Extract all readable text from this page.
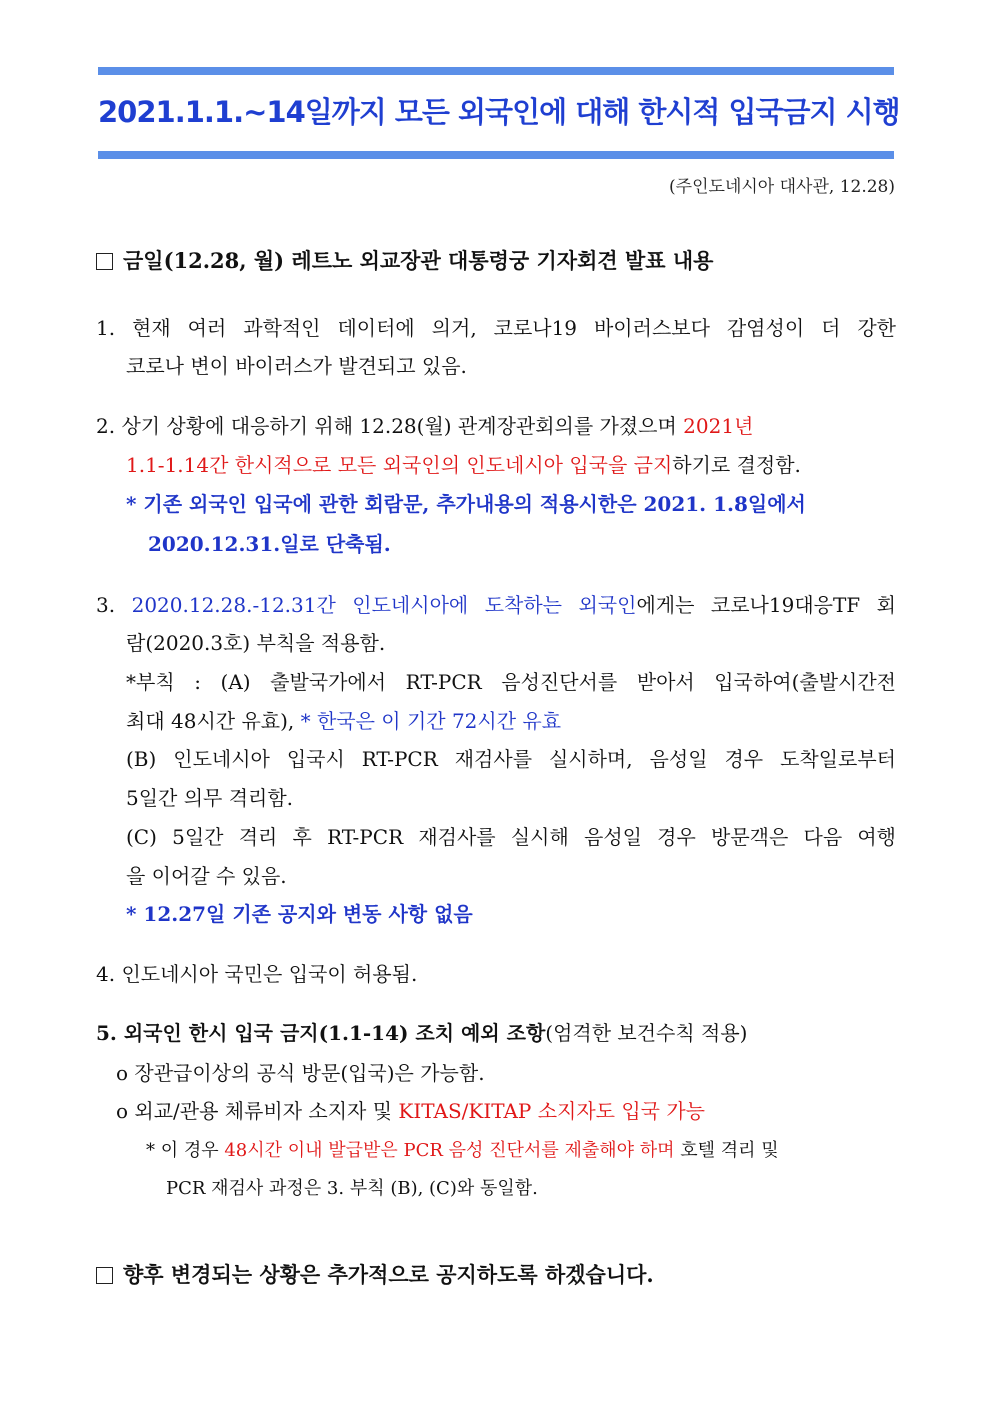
2021.1.1.~14일까지 모든 외국인에 대해 한시적 입국금지 시행
(주인도네시아 대사관, 12.28)
금일(12.28, 월) 레트노 외교장관 대통령궁 기자회견 발표 내용
1. 현재 여러 과학적인 데이터에 의거, 코로나19 바이러스보다 감염성이 더 강한
코로나 변이 바이러스가 발견되고 있음.
2. 상기 상황에 대응하기 위해 12.28(월) 관계장관회의를 가졌으며 2021년
1.1-1.14간 한시적으로 모든 외국인의 인도네시아 입국을 금지하기로 결정함.
* 기존 외국인 입국에 관한 회람문, 추가내용의 적용시한은 2021. 1.8일에서
2020.12.31.일로 단축됨.
3. 2020.12.28.-12.31간 인도네시아에 도착하는 외국인에게는 코로나19대응TF 회
람(2020.3호) 부칙을 적용함.
*부칙 : (A) 출발국가에서 RT-PCR 음성진단서를 받아서 입국하여(출발시간전
최대 48시간 유효), * 한국은 이 기간 72시간 유효
(B) 인도네시아 입국시 RT-PCR 재검사를 실시하며, 음성일 경우 도착일로부터
5일간 의무 격리함.
(C) 5일간 격리 후 RT-PCR 재검사를 실시해 음성일 경우 방문객은 다음 여행
을 이어갈 수 있음.
* 12.27일 기존 공지와 변동 사항 없음
4. 인도네시아 국민은 입국이 허용됨.
5. 외국인 한시 입국 금지(1.1-14) 조치 예외 조항(엄격한 보건수칙 적용)
o 장관급이상의 공식 방문(입국)은 가능함.
o 외교/관용 체류비자 소지자 및 KITAS/KITAP 소지자도 입국 가능
* 이 경우 48시간 이내 발급받은 PCR 음성 진단서를 제출해야 하며 호텔 격리 및
PCR 재검사 과정은 3. 부칙 (B), (C)와 동일함.
향후 변경되는 상황은 추가적으로 공지하도록 하겠습니다.
